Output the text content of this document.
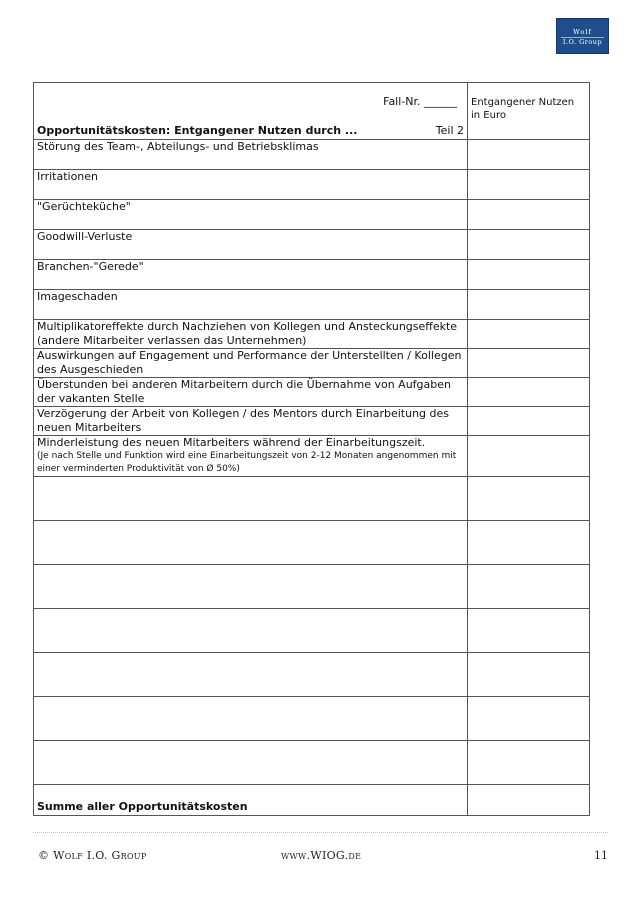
Wolf
I.O. Group
Fall-Nr. ______
Opportunitätskosten: Entgangener Nutzen durch ... Teil 2	Entgangener Nutzen in Euro
Störung des Team-, Abteilungs- und Betriebsklimas	
Irritationen	
"Gerüchteküche"	
Goodwill-Verluste	
Branchen-"Gerede"	
Imageschaden	
Multiplikatoreffekte durch Nachziehen von Kollegen und Ansteckungseffekte (andere Mitarbeiter verlassen das Unternehmen)	
Auswirkungen auf Engagement und Performance der Unterstellten / Kollegen des Ausgeschieden	
Überstunden bei anderen Mitarbeitern durch die Übernahme von Aufgaben der vakanten Stelle	
Verzögerung der Arbeit von Kollegen / des Mentors durch Einarbeitung des neuen Mitarbeiters	

Minderleistung des neuen Mitarbeiters während der Einarbeitungszeit.
(Je nach Stelle und Funktion wird eine Einarbeitungszeit von 2-12 Monaten angenommen mit einer verminderten Produktivität von Ø 50%)	

Summe aller Opportunitätskosten	
© Wolf I.O. Group	www.WIOG.de	11
